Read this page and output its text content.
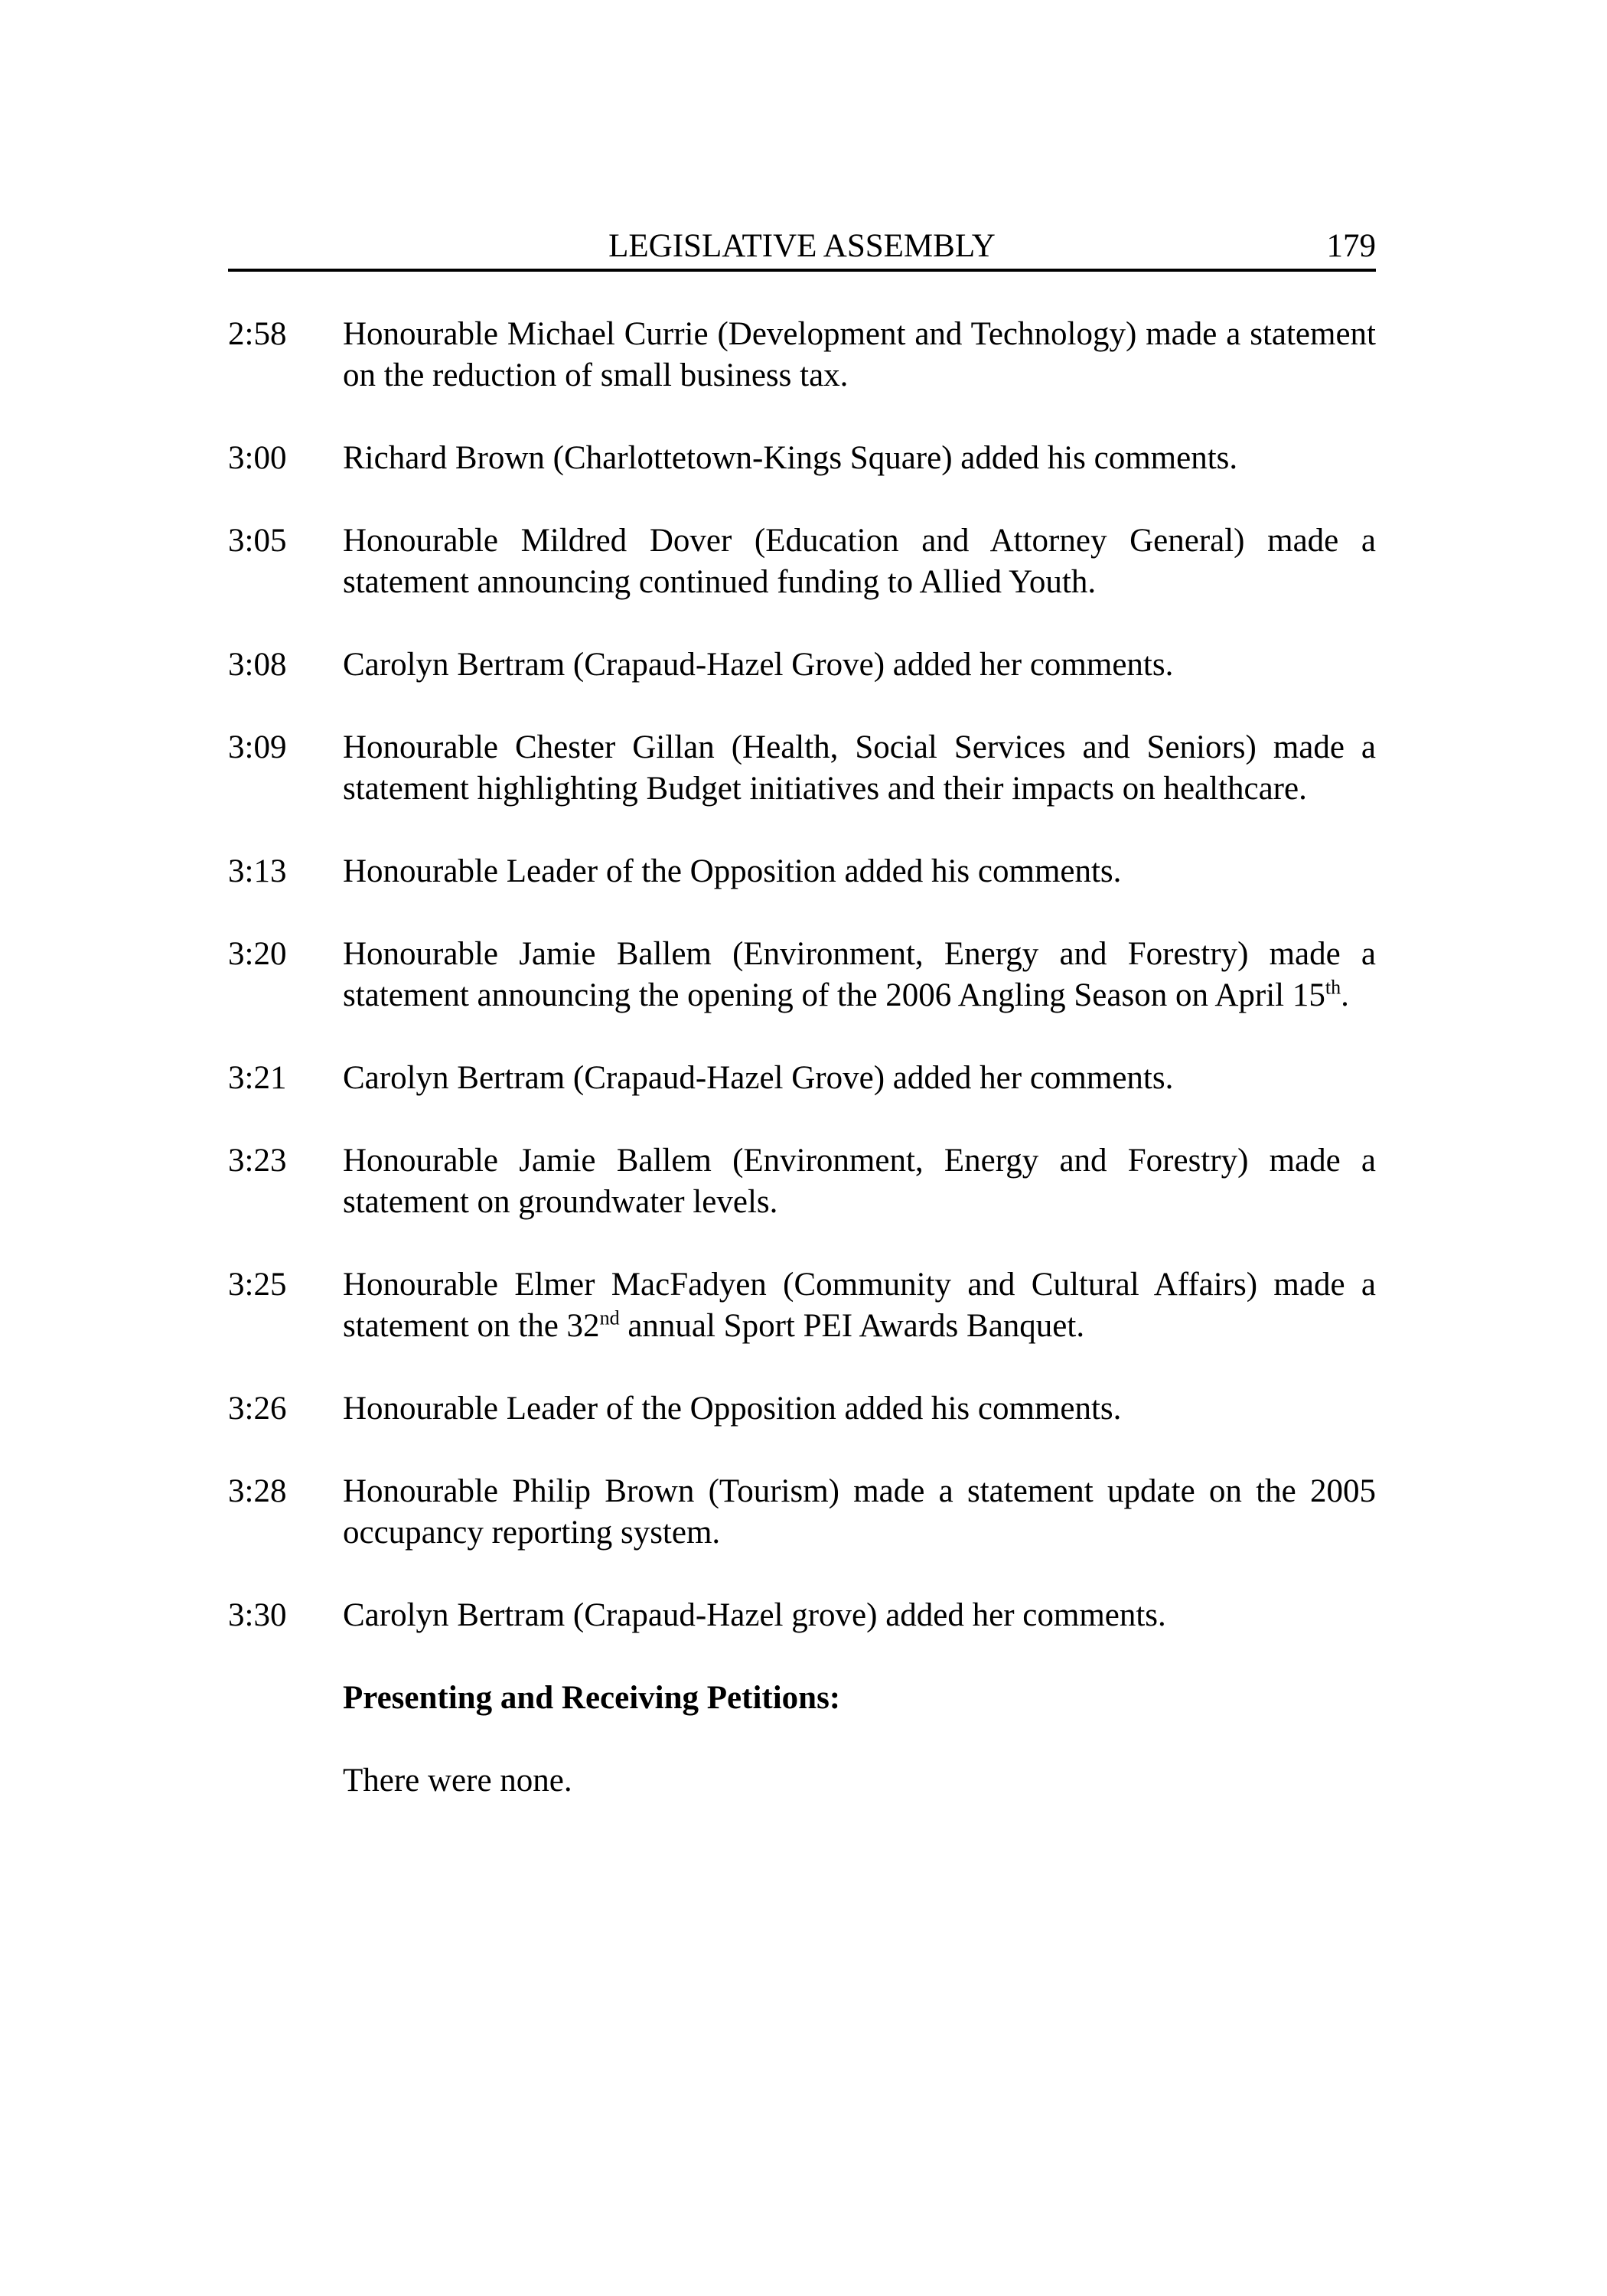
LEGISLATIVE ASSEMBLY	179
2:58	Honourable Michael Currie (Development and Technology) made a statement on the reduction of small business tax.
3:00	Richard Brown (Charlottetown-Kings Square) added his comments.
3:05	Honourable Mildred Dover (Education and Attorney General) made a statement announcing continued funding to Allied Youth.
3:08	Carolyn Bertram (Crapaud-Hazel Grove) added her comments.
3:09	Honourable Chester Gillan (Health, Social Services and Seniors) made a statement highlighting Budget initiatives and their impacts on healthcare.
3:13	Honourable Leader of the Opposition added his comments.
3:20	Honourable Jamie Ballem (Environment, Energy and Forestry) made a statement announcing the opening of the 2006 Angling Season on April 15th.
3:21	Carolyn Bertram (Crapaud-Hazel Grove) added her comments.
3:23	Honourable Jamie Ballem (Environment, Energy and Forestry) made a statement on groundwater levels.
3:25	Honourable Elmer MacFadyen (Community and Cultural Affairs) made a statement on the 32nd annual Sport PEI Awards Banquet.
3:26	Honourable Leader of the Opposition added his comments.
3:28	Honourable Philip Brown (Tourism) made a statement update on the 2005 occupancy reporting system.
3:30	Carolyn Bertram (Crapaud-Hazel grove) added her comments.
Presenting and Receiving Petitions:
There were none.
